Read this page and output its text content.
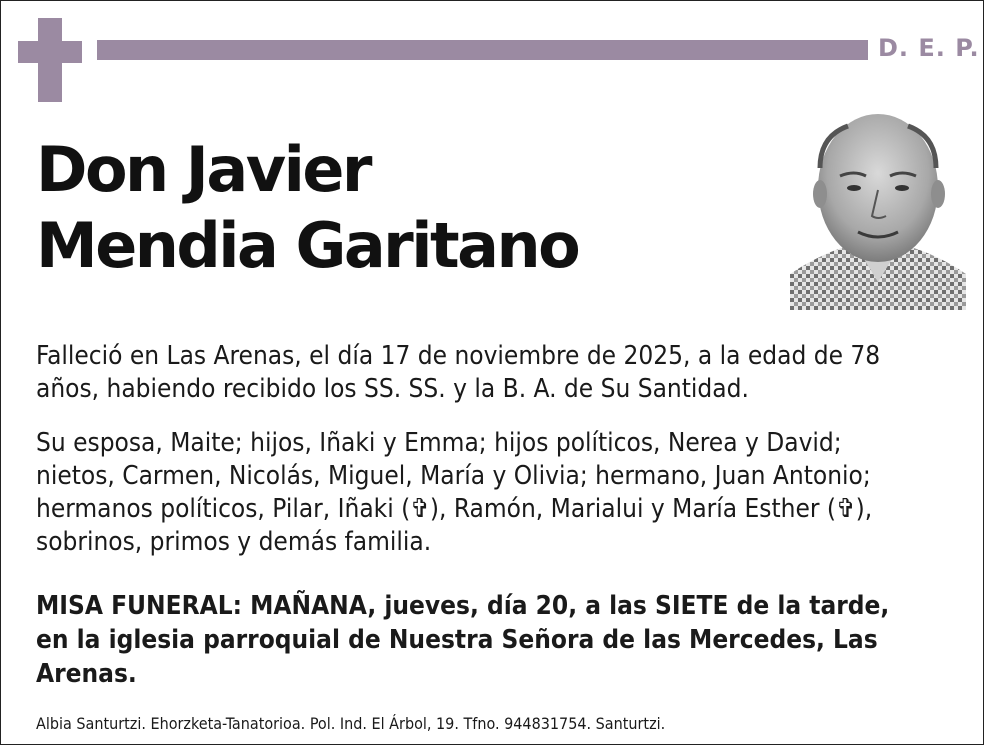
D. E. P.
Don Javier
Mendia Garitano
Falleció en Las Arenas, el día 17 de noviembre de 2025, a la edad de 78
años, habiendo recibido los SS. SS. y la B. A. de Su Santidad.
Su esposa, Maite; hijos, Iñaki y Emma; hijos políticos, Nerea y David;
nietos, Carmen, Nicolás, Miguel, María y Olivia; hermano, Juan Antonio;
hermanos políticos, Pilar, Iñaki (✞), Ramón, Marialui y María Esther (✞),
sobrinos, primos y demás familia.
MISA FUNERAL: MAÑANA, jueves, día 20, a las SIETE de la tarde,
en la iglesia parroquial de Nuestra Señora de las Mercedes, Las
Arenas.
Albia Santurtzi. Ehorzketa-Tanatorioa. Pol. Ind. El Árbol, 19. Tfno. 944831754. Santurtzi.
